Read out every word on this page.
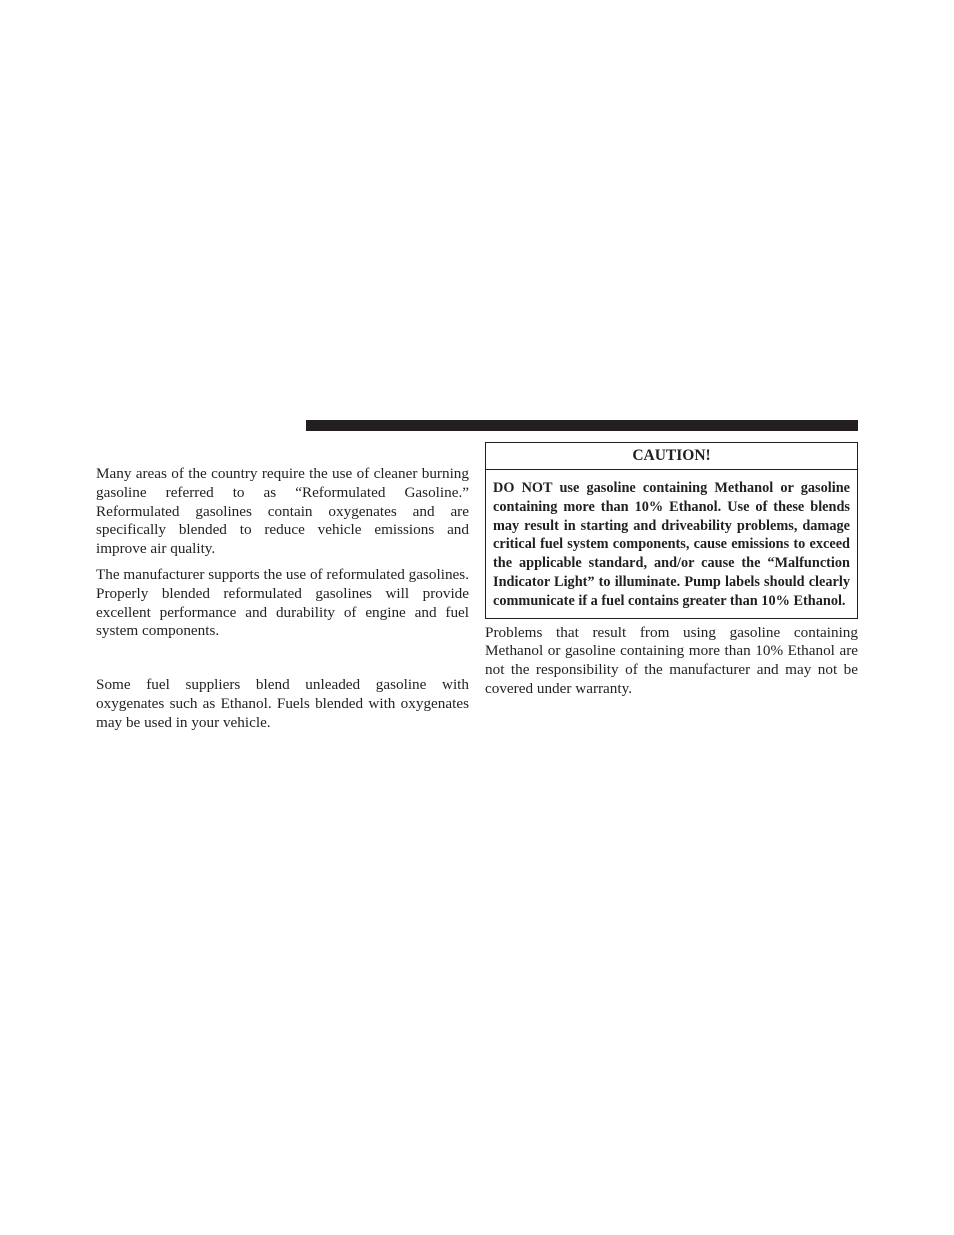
Many areas of the country require the use of cleaner burning gasoline referred to as “Reformulated Gasoline.” Reformulated gasolines contain oxygenates and are specifically blended to reduce vehicle emissions and improve air quality.

The manufacturer supports the use of reformulated gasolines. Properly blended reformulated gasolines will provide excellent performance and durability of engine and fuel system components.

Some fuel suppliers blend unleaded gasoline with oxygenates such as Ethanol. Fuels blended with oxygenates may be used in your vehicle.

CAUTION!

DO NOT use gasoline containing Methanol or gasoline containing more than 10% Ethanol. Use of these blends may result in starting and driveability problems, damage critical fuel system components, cause emissions to exceed the applicable standard, and/or cause the “Malfunction Indicator Light” to illuminate. Pump labels should clearly communicate if a fuel contains greater than 10% Ethanol.

Problems that result from using gasoline containing Methanol or gasoline containing more than 10% Ethanol are not the responsibility of the manufacturer and may not be covered under warranty.
